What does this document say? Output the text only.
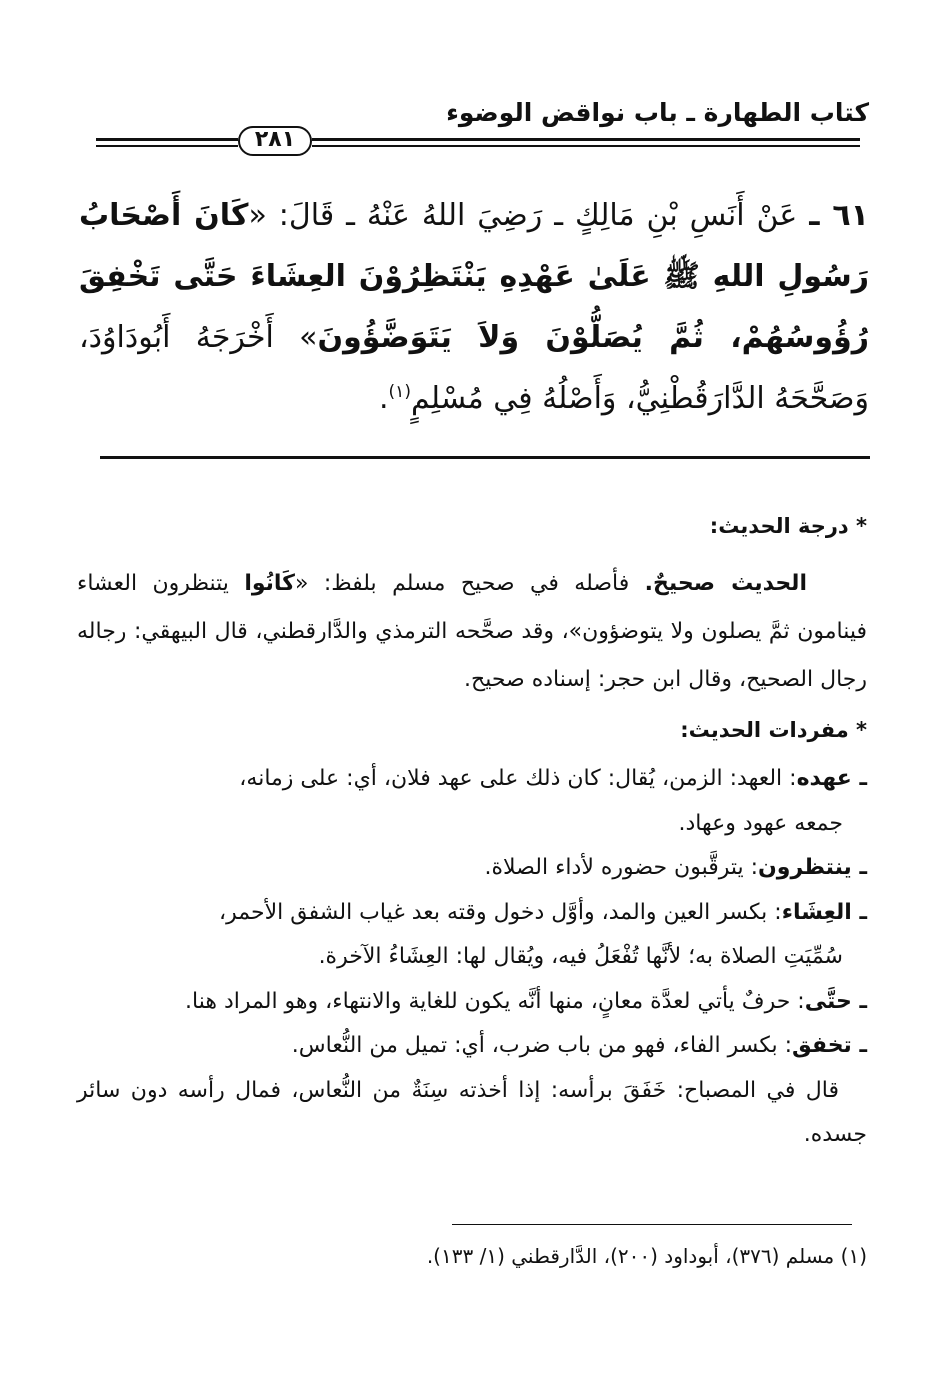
كتاب الطهارة ـ باب نواقض الوضوء
٢٨١
٦١ ـ عَنْ أَنَسِ بْنِ مَالِكٍ ـ رَضِيَ اللهُ عَنْهُ ـ قَالَ: «كَانَ أَصْحَابُ رَسُولِ اللهِ ﷺ عَلَىٰ عَهْدِهِ يَنْتَظِرُوْنَ العِشَاءَ حَتَّى تَخْفِقَ رُؤُوسُهُمْ، ثُمَّ يُصَلُّوْنَ وَلاَ يَتَوَضَّؤُونَ» أَخْرَجَهُ أَبُودَاوُدَ، وَصَحَّحَهُ الدَّارَقُطْنِيُّ، وَأَصْلُهُ فِي مُسْلِمٍ$^{(١)}$.
* درجة الحديث:
الحديث صحيحٌ. فأصله في صحيح مسلم بلفظ: «كَانُوا يتنظرون العشاء فينامون ثمَّ يصلون ولا يتوضؤون»، وقد صحَّحه الترمذي والدَّارقطني، قال البيهقي: رجاله رجال الصحيح، وقال ابن حجر: إسناده صحيح.
* مفردات الحديث:
ـ عهده: العهد: الزمن، يُقال: كان ذلك على عهد فلان، أي: على زمانه،
جمعه عهود وعهاد.
ـ ينتظرون: يترقَّبون حضوره لأداء الصلاة.
ـ العِشَاء: بكسر العين والمد، وأوَّل دخول وقته بعد غياب الشفق الأحمر،
سُمِّيَتِ الصلاة به؛ لأنَّها تُفْعَلُ فيه، ويُقال لها: العِشَاءُ الآخرة.
ـ حتَّى: حرفٌ يأتي لعدَّة معانٍ، منها أنَّه يكون للغاية والانتهاء، وهو المراد هنا.
ـ تخفق: بكسر الفاء، فهو من باب ضرب، أي: تميل من النُّعاس.
قال في المصباح: خَفَقَ برأسه: إذا أخذته سِنَةٌ من النُّعاس، فمال رأسه دون سائر جسده.
(١) مسلم (٣٧٦)، أبوداود (٢٠٠)، الدَّارقطني (١/ ١٣٣).
